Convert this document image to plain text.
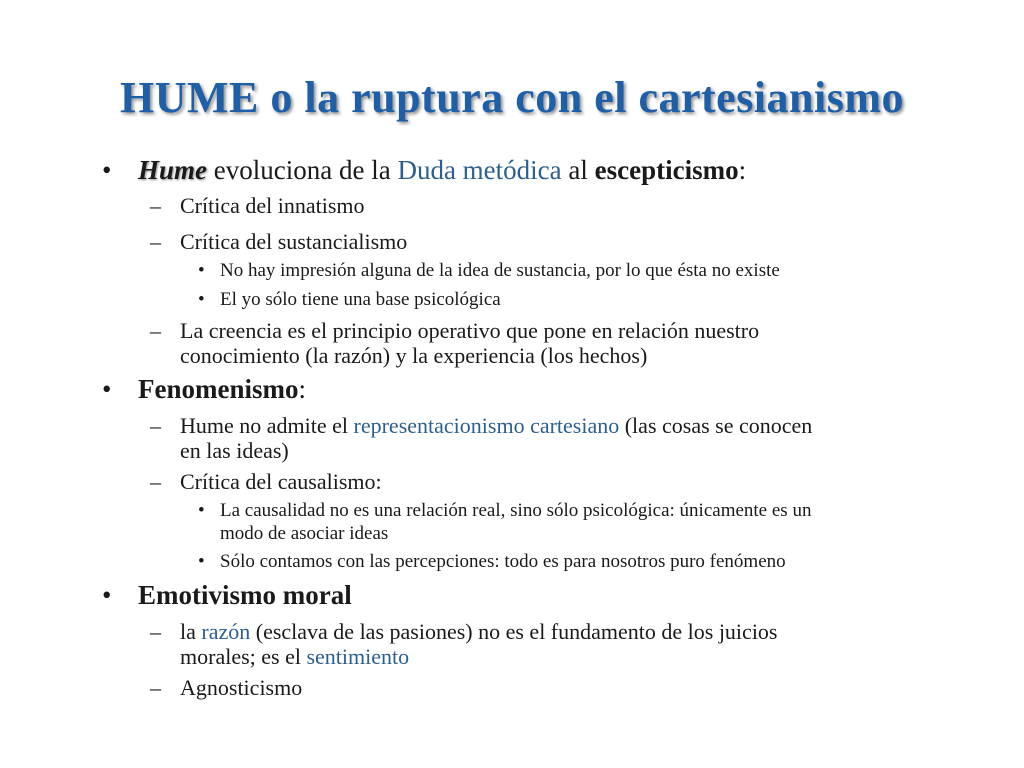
HUME o la ruptura con el cartesianismo
• Hume evoluciona de la Duda metódica al escepticismo:
– Crítica del innatismo
– Crítica del sustancialismo
• No hay impresión alguna de la idea de sustancia, por lo que ésta no existe
• El yo sólo tiene una base psicológica
– La creencia es el principio operativo que pone en relación nuestro
conocimiento (la razón) y la experiencia (los hechos)
• Fenomenismo:
– Hume no admite el representacionismo cartesiano (las cosas se conocen
en las ideas)
– Crítica del causalismo:
• La causalidad no es una relación real, sino sólo psicológica: únicamente es un
modo de asociar ideas
• Sólo contamos con las percepciones: todo es para nosotros puro fenómeno
• Emotivismo moral
– la razón (esclava de las pasiones) no es el fundamento de los juicios
morales; es el sentimiento
– Agnosticismo
